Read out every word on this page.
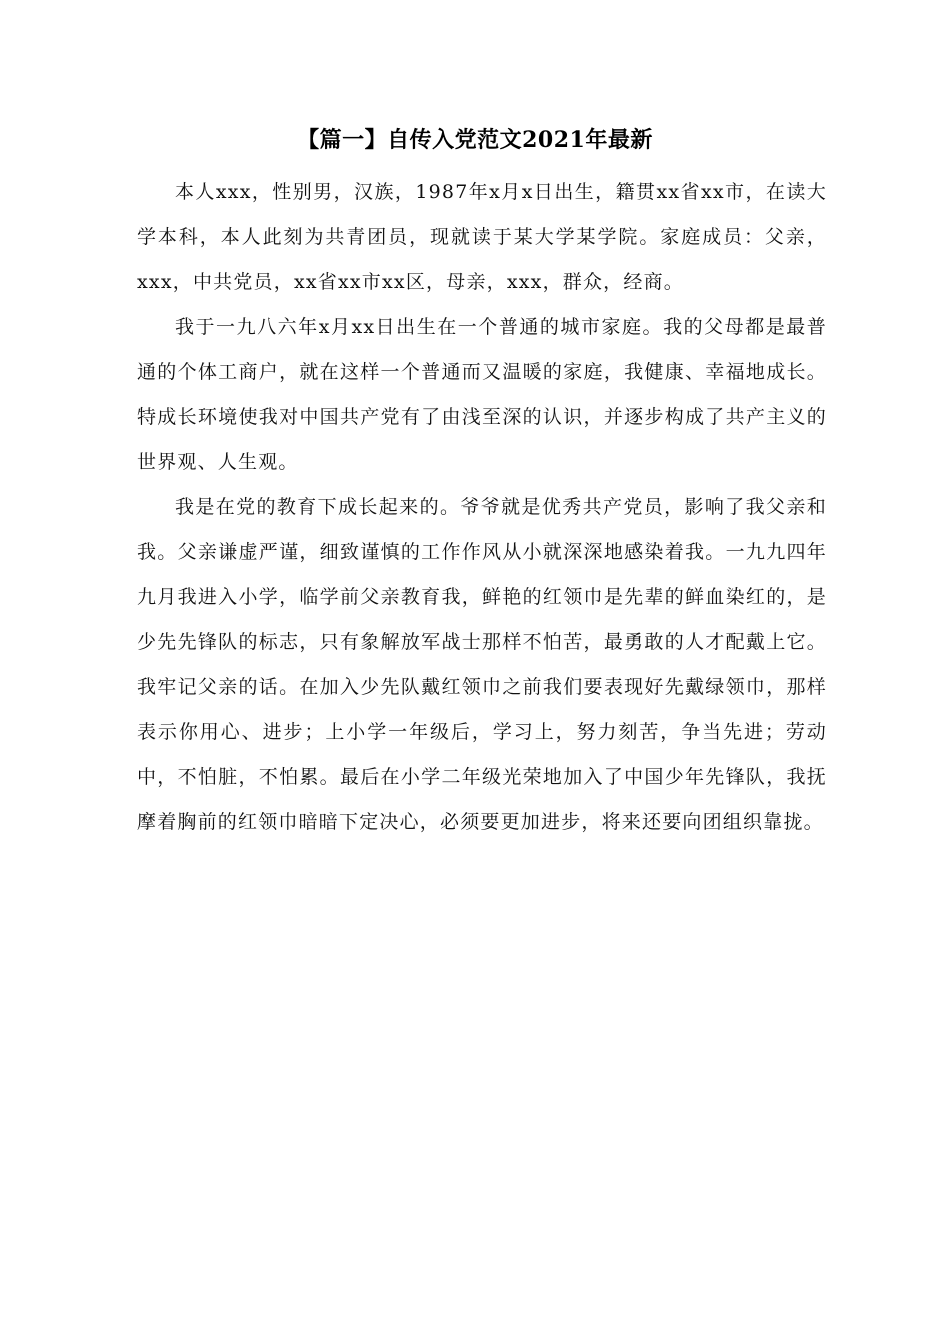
【篇一】自传入党范文2021年最新

本人xxx，性别男，汉族，1987年x月x日出生，籍贯xx省xx市，在读大学本科，本人此刻为共青团员，现就读于某大学某学院。家庭成员：父亲，xxx，中共党员，xx省xx市xx区，母亲，xxx，群众，经商。

我于一九八六年x月xx日出生在一个普通的城市家庭。我的父母都是最普通的个体工商户，就在这样一个普通而又温暖的家庭，我健康、幸福地成长。特成长环境使我对中国共产党有了由浅至深的认识，并逐步构成了共产主义的世界观、人生观。

我是在党的教育下成长起来的。爷爷就是优秀共产党员，影响了我父亲和我。父亲谦虚严谨，细致谨慎的工作作风从小就深深地感染着我。一九九四年九月我进入小学，临学前父亲教育我，鲜艳的红领巾是先辈的鲜血染红的，是少先先锋队的标志，只有象解放军战士那样不怕苦，最勇敢的人才配戴上它。我牢记父亲的话。在加入少先队戴红领巾之前我们要表现好先戴绿领巾，那样表示你用心、进步；上小学一年级后，学习上，努力刻苦，争当先进；劳动中，不怕脏，不怕累。最后在小学二年级光荣地加入了中国少年先锋队，我抚摩着胸前的红领巾暗暗下定决心，必须要更加进步，将来还要向团组织靠拢。
